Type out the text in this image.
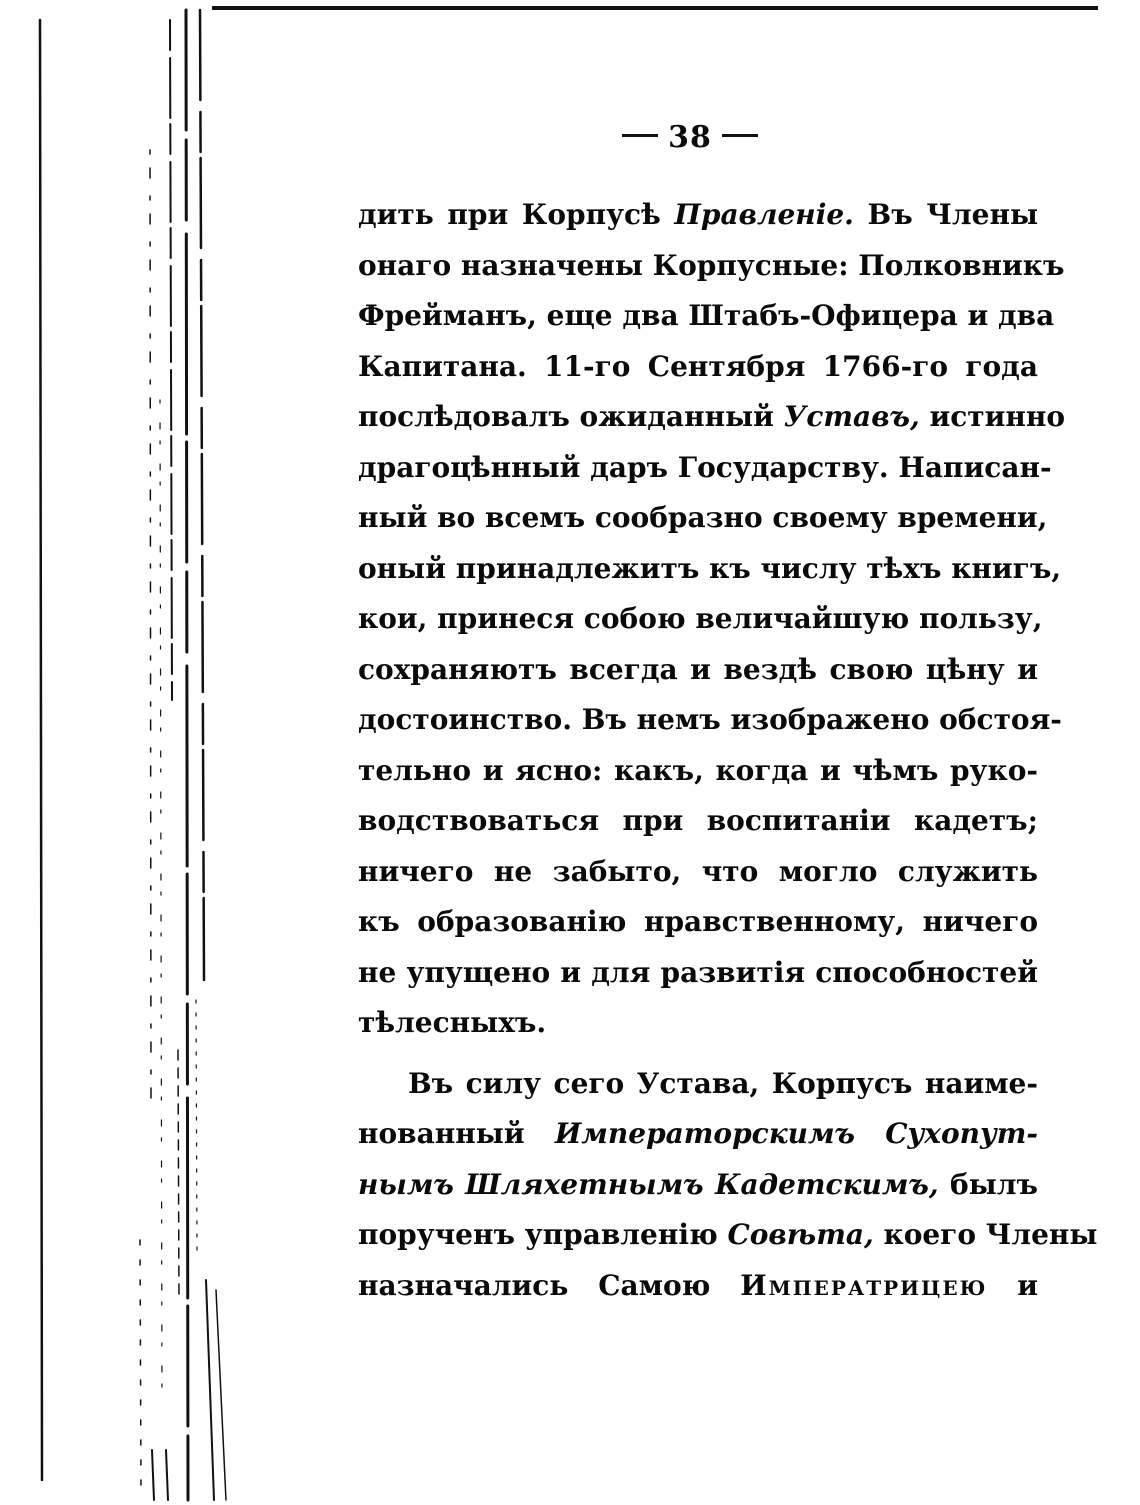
38
дить при Корпусѣ Правленіе. Въ Члены
онаго назначены Корпусные: Полковникъ
Фрейманъ, еще два Штабъ-Офицера и два
Капитана. 11-го Сентября 1766-го года
послѣдовалъ ожиданный Уставъ, истинно
драгоцѣнный даръ Государству. Написан-
ный во всемъ сообразно своему времени,
оный принадлежитъ къ числу тѣхъ книгъ,
кои, принеся собою величайшую пользу,
сохраняютъ всегда и вездѣ свою цѣну и
достоинство. Въ немъ изображено обстоя-
тельно и ясно: какъ, когда и чѣмъ руко-
водствоваться при воспитаніи кадетъ;
ничего не забыто, что могло служить
къ образованію нравственному, ничего
не упущено и для развитія способностей
тѣлесныхъ.
Въ силу сего Устава, Корпусъ наиме-
нованный Императорскимъ Сухопут-
нымъ Шляхетнымъ Кадетскимъ, былъ
порученъ управленію Совѣта, коего Члены
назначались Самою Императрицею и
